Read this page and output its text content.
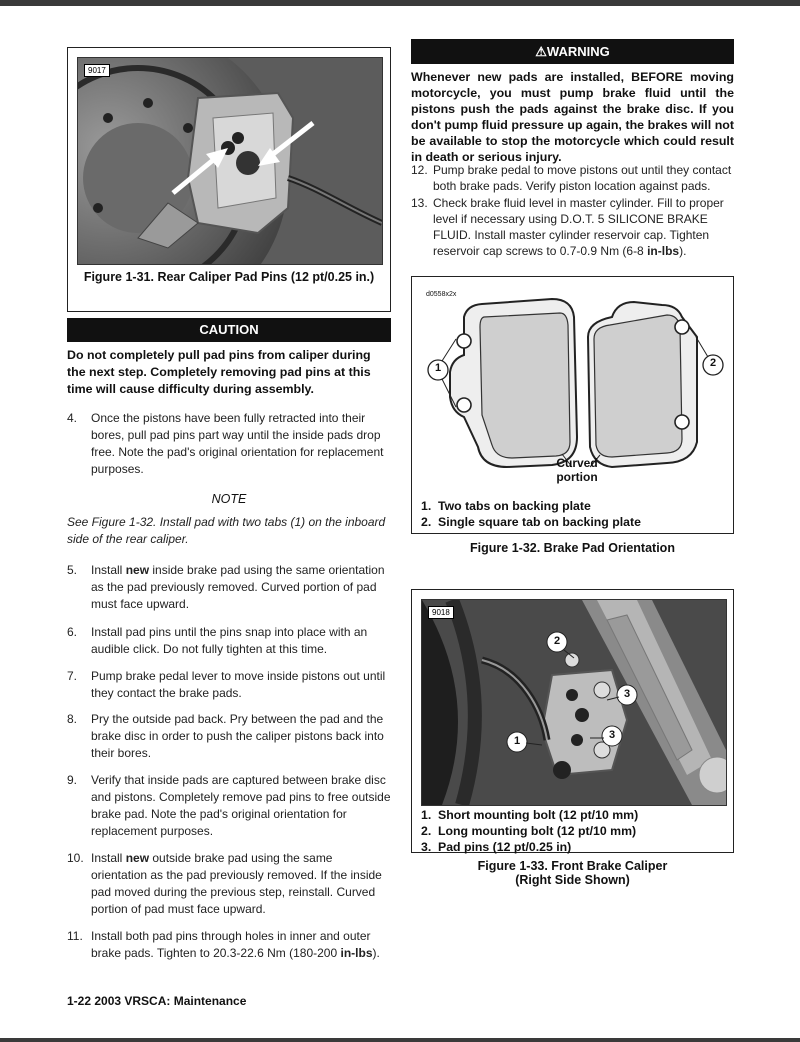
9017
Figure 1-31. Rear Caliper Pad Pins (12 pt/0.25 in.)
CAUTION
Do not completely pull pad pins from caliper during the next step. Completely removing pad pins at this time will cause difficulty during assembly.
4. Once the pistons have been fully retracted into their bores, pull pad pins part way until the inside pads drop free. Note the pad's original orientation for replacement purposes.
NOTE
See Figure 1-32. Install pad with two tabs (1) on the inboard side of the rear caliper.
5. Install new inside brake pad using the same orientation as the pad previously removed. Curved portion of pad must face upward.
6. Install pad pins until the pins snap into place with an audible click. Do not fully tighten at this time.
7. Pump brake pedal lever to move inside pistons out until they contact the brake pads.
8. Pry the outside pad back. Pry between the pad and the brake disc in order to push the caliper pistons back into their bores.
9. Verify that inside pads are captured between brake disc and pistons. Completely remove pad pins to free outside brake pad. Note the pad's original orientation for replacement purposes.
10. Install new outside brake pad using the same orientation as the pad previously removed. If the inside pad moved during the previous step, reinstall. Curved portion of pad must face upward.
11. Install both pad pins through holes in inner and outer brake pads. Tighten to 20.3-22.6 Nm (180-200 in-lbs).
1-22 2003 VRSCA: Maintenance
⚠WARNING
Whenever new pads are installed, BEFORE moving motorcycle, you must pump brake fluid until the pistons push the pads against the brake disc. If you don't pump fluid pressure up again, the brakes will not be available to stop the motorcycle which could result in death or serious injury.
12. Pump brake pedal to move pistons out until they contact both brake pads. Verify piston location against pads.
13. Check brake fluid level in master cylinder. Fill to proper level if necessary using D.O.T. 5 SILICONE BRAKE FLUID. Install master cylinder reservoir cap. Tighten reservoir cap screws to 0.7-0.9 Nm (6-8 in-lbs).
d0558x2x
1	2
Curved
portion
1. Two tabs on backing plate
2. Single square tab on backing plate
Figure 1-32. Brake Pad Orientation
9018
1
2
3
3
1. Short mounting bolt (12 pt/10 mm)
2. Long mounting bolt (12 pt/10 mm)
3. Pad pins (12 pt/0.25 in)
Figure 1-33. Front Brake Caliper
(Right Side Shown)
